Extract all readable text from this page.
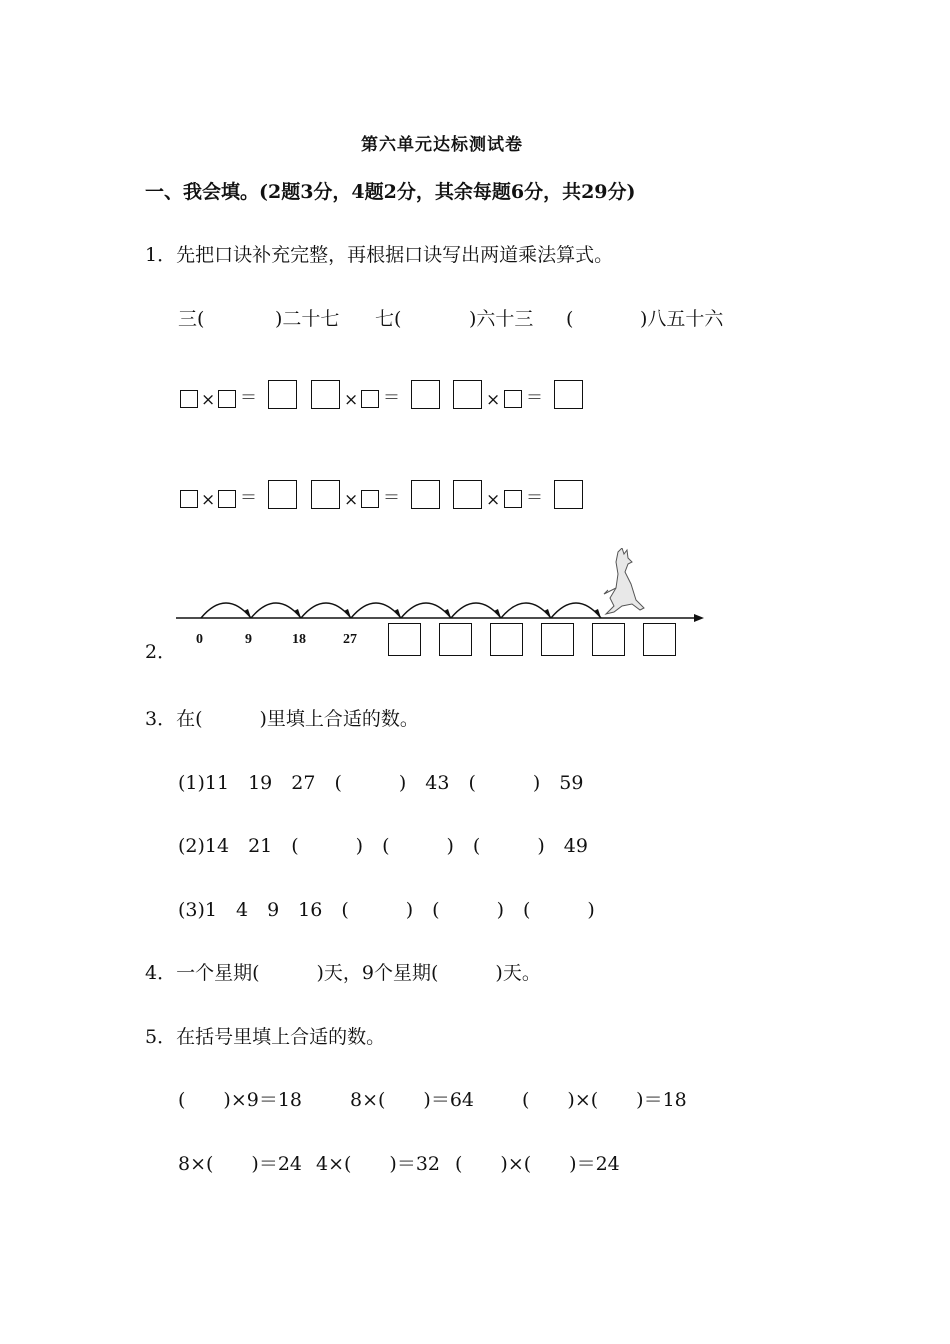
第六单元达标测试卷
一、我会填。(2题3分，4题2分，其余每题6分，共29分)
1．先把口诀补充完整，再根据口诀写出两道乘法算式。
三(	)二十七 七(	)六十三 (	)八五十六
× ＝	× ＝	× ＝
× ＝	× ＝	× ＝
2．
0	9	18	27
3．在(　　　)里填上合适的数。
(1)11　19　27　(　　　)　43　(　　　)　59
(2)14　21　(　　　)　(　　　)　(　　　)　49
(3)1　4　9　16　(　　　)　(　　　)　(　　　)
4．一个星期(　　　)天，9个星期(　　　)天。
5．在括号里填上合适的数。
(　　)×9＝18	8×(　　)＝64	(　　)×(　　)＝18
8×(　　)＝24 4×(　　)＝32 (　　)×(　　)＝24
